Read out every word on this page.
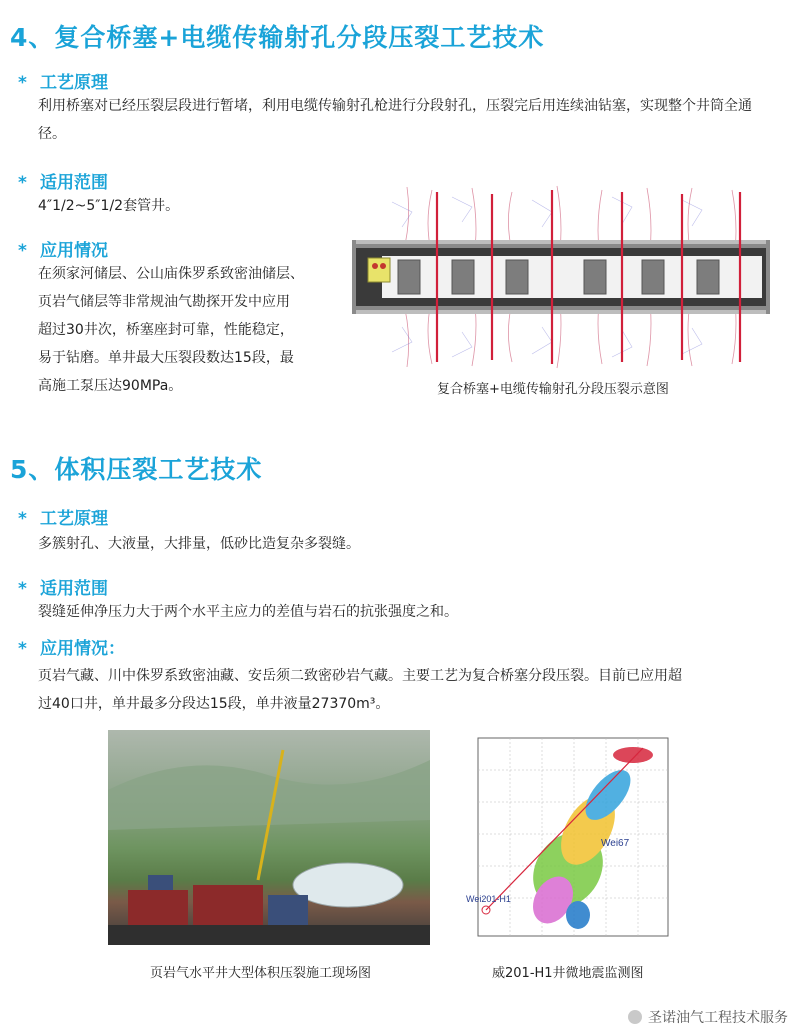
4、复合桥塞+电缆传输射孔分段压裂工艺技术
* 工艺原理
利用桥塞对已经压裂层段进行暂堵，利用电缆传输射孔枪进行分段射孔，压裂完后用连续油钻塞，实现整个井筒全通径。
* 适用范围
4″1/2~5″1/2套管井。
* 应用情况
在须家河储层、公山庙侏罗系致密油储层、
页岩气储层等非常规油气勘探开发中应用
超过30井次，桥塞座封可靠，性能稳定，
易于钻磨。单井最大压裂段数达15段，最
高施工泵压达90MPa。	复合桥塞+电缆传输射孔分段压裂示意图
5、体积压裂工艺技术
* 工艺原理
多簇射孔、大液量，大排量，低砂比造复杂多裂缝。
* 适用范围
裂缝延伸净压力大于两个水平主应力的差值与岩石的抗张强度之和。
* 应用情况：
页岩气藏、川中侏罗系致密油藏、安岳须二致密砂岩气藏。主要工艺为复合桥塞分段压裂。目前已应用超
过40口井，单井最多分段达15段，单井液量27370m³。
页岩气水平井大型体积压裂施工现场图
Wei201-H1
Wei67
威201-H1井微地震监测图
圣诺油气工程技术服务
